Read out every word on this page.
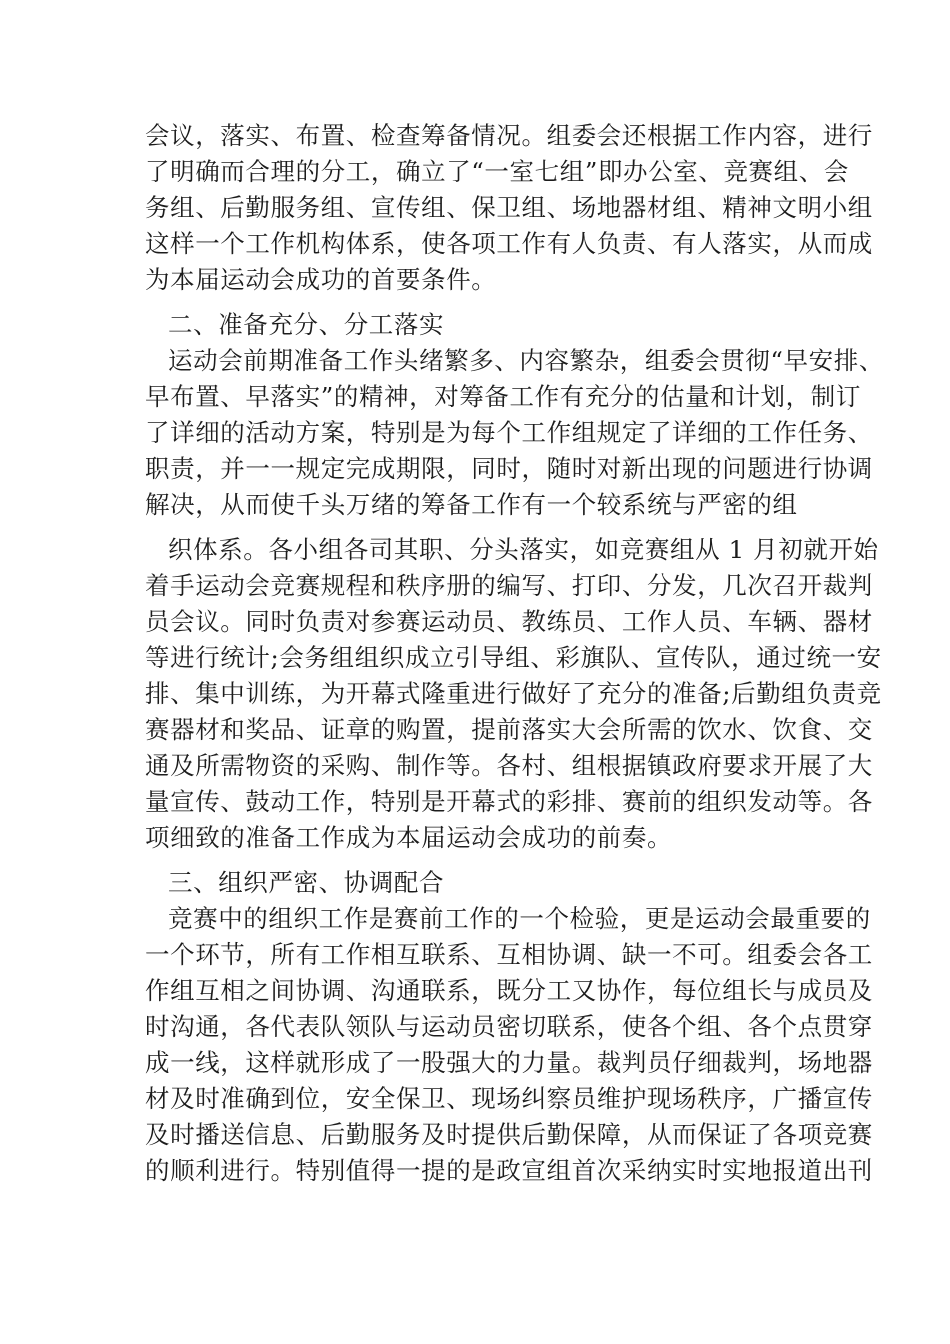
会议，落实、布置、检查筹备情况。组委会还根据工作内容，进行
了明确而合理的分工，确立了“一室七组”即办公室、竞赛组、会
务组、后勤服务组、宣传组、保卫组、场地器材组、精神文明小组
这样一个工作机构体系，使各项工作有人负责、有人落实，从而成
为本届运动会成功的首要条件。
二、准备充分、分工落实
运动会前期准备工作头绪繁多、内容繁杂，组委会贯彻“早安排、
早布置、早落实”的精神，对筹备工作有充分的估量和计划，制订
了详细的活动方案，特别是为每个工作组规定了详细的工作任务、
职责，并一一规定完成期限，同时，随时对新出现的问题进行协调
解决，从而使千头万绪的筹备工作有一个较系统与严密的组
织体系。各小组各司其职、分头落实，如竞赛组从 1 月初就开始
着手运动会竞赛规程和秩序册的编写、打印、分发，几次召开裁判
员会议。同时负责对参赛运动员、教练员、工作人员、车辆、器材
等进行统计;会务组组织成立引导组、彩旗队、宣传队，通过统一安
排、集中训练，为开幕式隆重进行做好了充分的准备;后勤组负责竞
赛器材和奖品、证章的购置，提前落实大会所需的饮水、饮食、交
通及所需物资的采购、制作等。各村、组根据镇政府要求开展了大
量宣传、鼓动工作，特别是开幕式的彩排、赛前的组织发动等。各
项细致的准备工作成为本届运动会成功的前奏。
三、组织严密、协调配合
竞赛中的组织工作是赛前工作的一个检验，更是运动会最重要的
一个环节，所有工作相互联系、互相协调、缺一不可。组委会各工
作组互相之间协调、沟通联系，既分工又协作，每位组长与成员及
时沟通，各代表队领队与运动员密切联系，使各个组、各个点贯穿
成一线，这样就形成了一股强大的力量。裁判员仔细裁判，场地器
材及时准确到位，安全保卫、现场纠察员维护现场秩序，广播宣传
及时播送信息、后勤服务及时提供后勤保障，从而保证了各项竞赛
的顺利进行。特别值得一提的是政宣组首次采纳实时实地报道出刊
